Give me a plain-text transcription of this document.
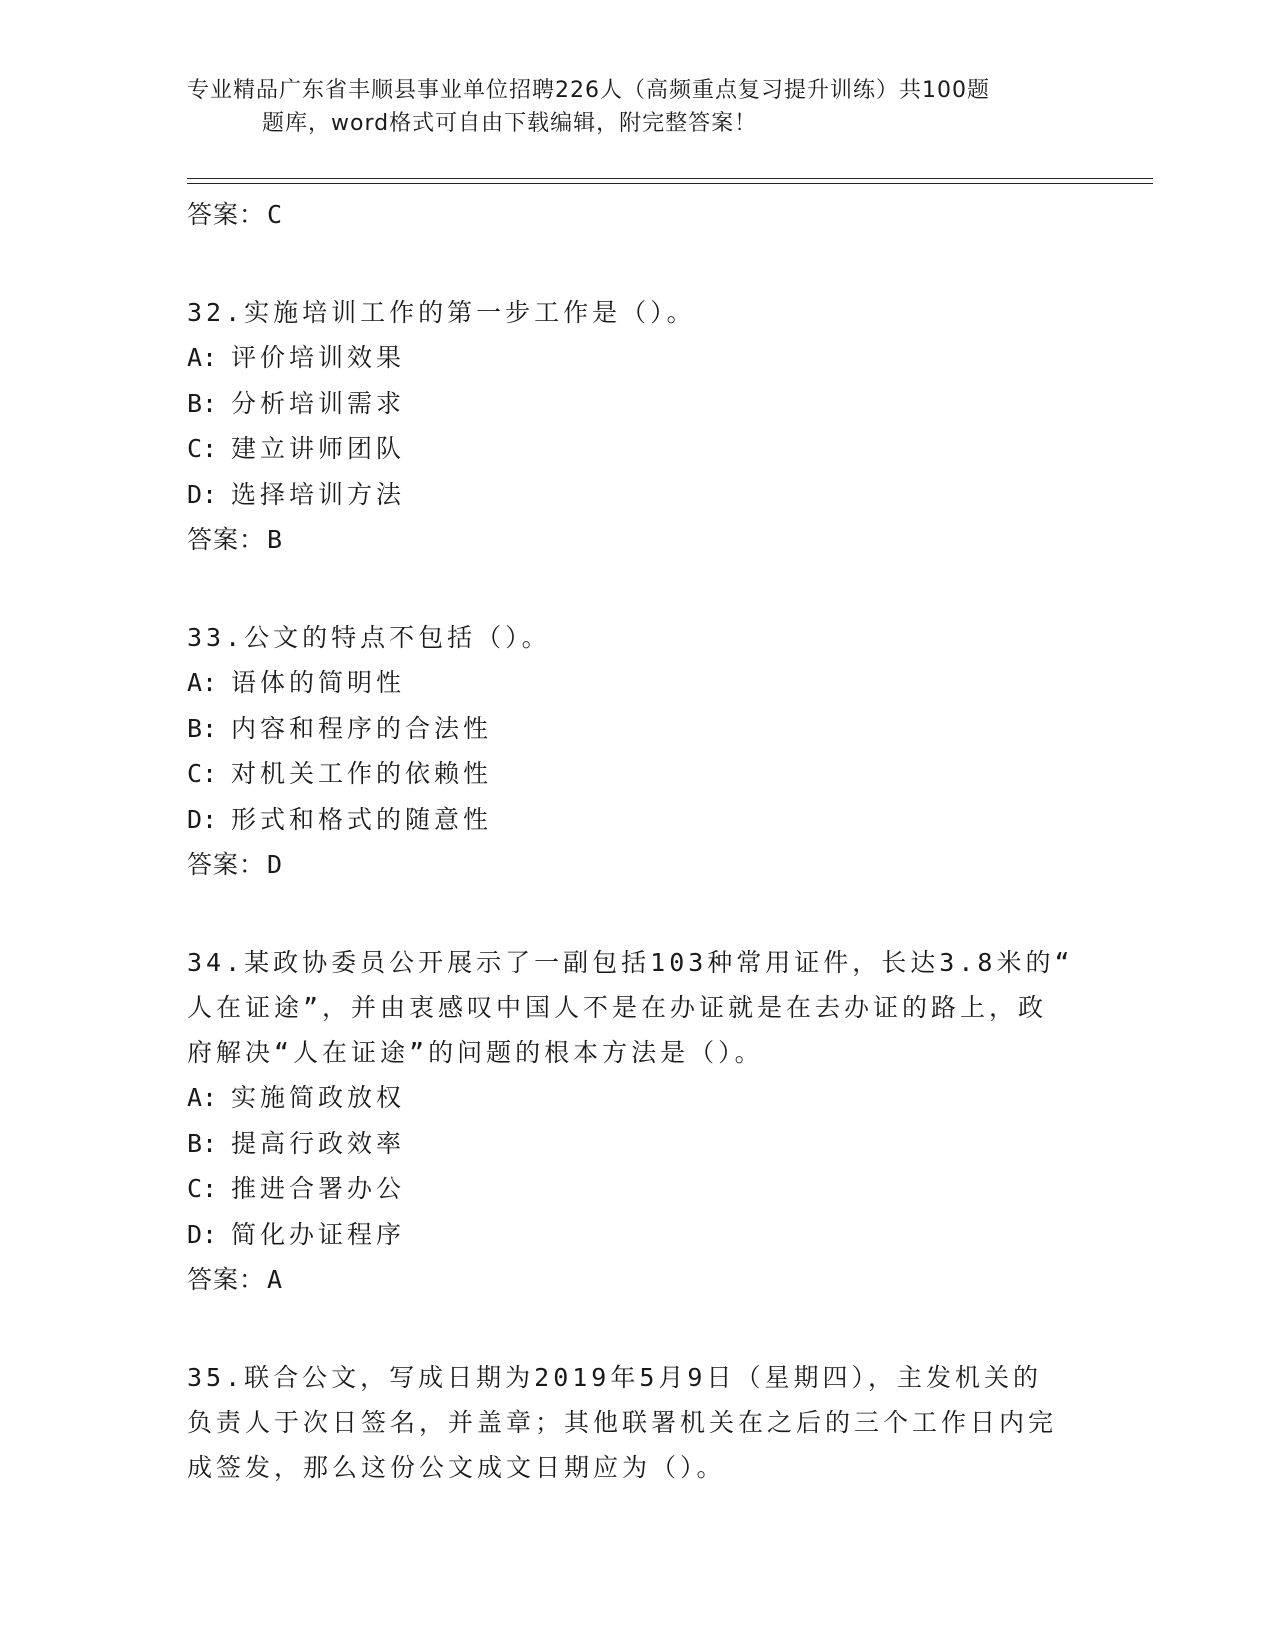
专业精品广东省丰顺县事业单位招聘226人（高频重点复习提升训练）共100题
题库，word格式可自由下载编辑，附完整答案！
答案：C
32.实施培训工作的第一步工作是（）。
A: 评价培训效果
B: 分析培训需求
C: 建立讲师团队
D: 选择培训方法
答案：B
33.公文的特点不包括（）。
A: 语体的简明性
B: 内容和程序的合法性
C: 对机关工作的依赖性
D: 形式和格式的随意性
答案：D
34.某政协委员公开展示了一副包括103种常用证件，长达3.8米的“
人在证途”，并由衷感叹中国人不是在办证就是在去办证的路上，政
府解决“人在证途”的问题的根本方法是（）。
A: 实施简政放权
B: 提高行政效率
C: 推进合署办公
D: 简化办证程序
答案：A
35.联合公文，写成日期为2019年5月9日（星期四），主发机关的
负责人于次日签名，并盖章；其他联署机关在之后的三个工作日内完
成签发，那么这份公文成文日期应为（）。
